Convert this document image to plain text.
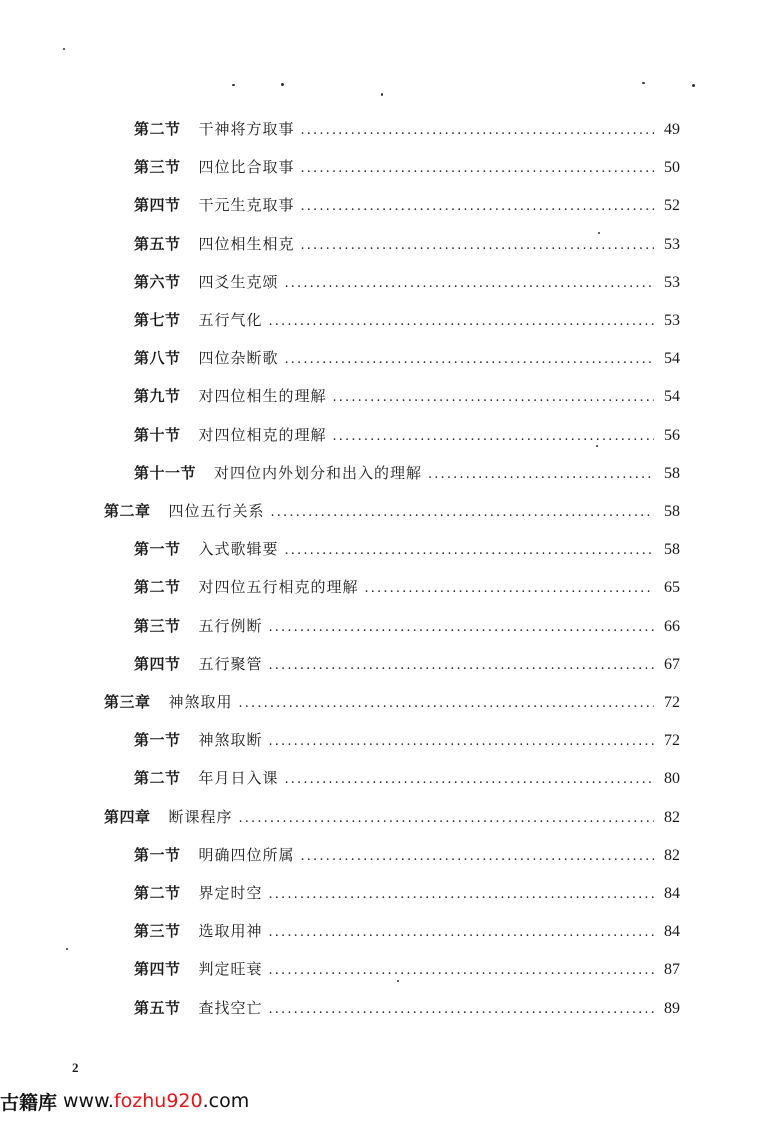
第二节 干神将方取事 . . .	49
第三节 四位比合取事 . . .	50
第四节 干元生克取事 . . .	52
第五节 四位相生相克 . . .	53
第六节 四爻生克颂 . . .	53
第七节 五行气化 . . .	53
第八节 四位杂断歌 . . .	54
第九节 对四位相生的理解 . . .	54
第十节 对四位相克的理解 . . .	56
第十一节 对四位内外划分和出入的理解 . . .	58
第二章 四位五行关系 . . .	58
第一节 入式歌辑要 . . .	58
第二节 对四位五行相克的理解 . . .	65
第三节 五行例断 . . .	66
第四节 五行聚管 . . .	67
第三章 神煞取用 . . .	72
第一节 神煞取断 . . .	72
第二节 年月日入课 . . .	80
第四章 断课程序 . . .	82
第一节 明确四位所属 . . .	82
第二节 界定时空 . . .	84
第三节 选取用神 . . .	84
第四节 判定旺衰 . . .	87
第五节 查找空亡 . . .	89
2
古籍库 www. fozhu 920 .com
